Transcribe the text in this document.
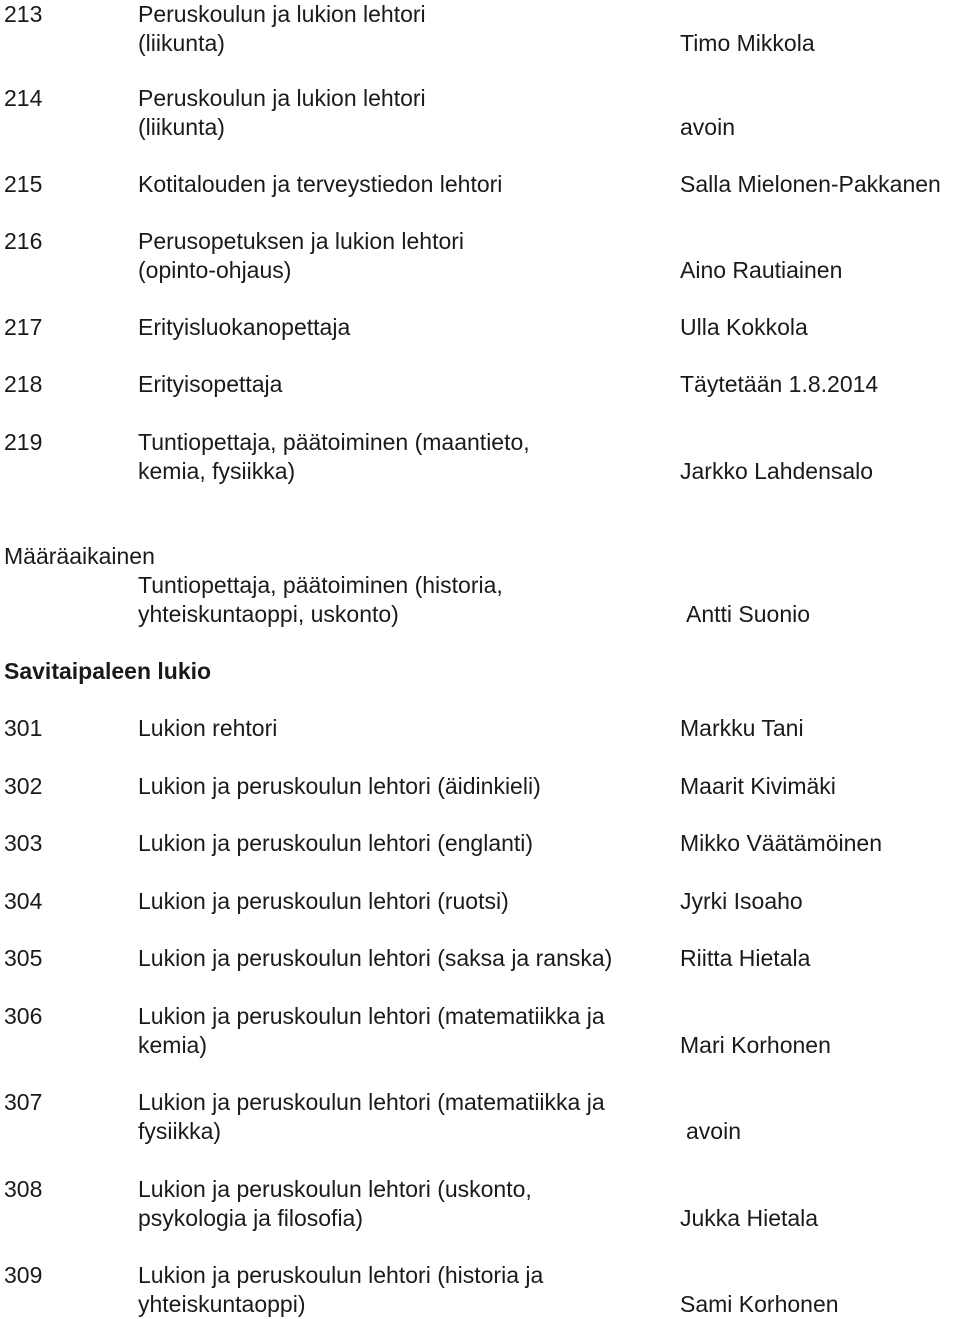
213	Peruskoulun ja lukion lehtori
(liikunta)	Timo Mikkola
214	Peruskoulun ja lukion lehtori
(liikunta)	avoin
215	Kotitalouden ja terveystiedon lehtori	Salla Mielonen-Pakkanen
216	Perusopetuksen ja lukion lehtori
(opinto-ohjaus)	Aino Rautiainen
217	Erityisluokanopettaja	Ulla Kokkola
218	Erityisopettaja	Täytetään 1.8.2014
219	Tuntiopettaja, päätoiminen (maantieto,
kemia, fysiikka)	Jarkko Lahdensalo
Määräaikainen
Tuntiopettaja, päätoiminen (historia,
yhteiskuntaoppi, uskonto)	Antti Suonio
Savitaipaleen lukio
301	Lukion rehtori	Markku Tani
302	Lukion ja peruskoulun lehtori (äidinkieli)	Maarit Kivimäki
303	Lukion ja peruskoulun lehtori (englanti)	Mikko Väätämöinen
304	Lukion ja peruskoulun lehtori (ruotsi)	Jyrki Isoaho
305	Lukion ja peruskoulun lehtori (saksa ja ranska)	Riitta Hietala
306	Lukion ja peruskoulun lehtori (matematiikka ja
kemia)	Mari Korhonen
307	Lukion ja peruskoulun lehtori (matematiikka ja
fysiikka)	avoin
308	Lukion ja peruskoulun lehtori (uskonto,
psykologia ja filosofia)	Jukka Hietala
309	Lukion ja peruskoulun lehtori (historia ja
yhteiskuntaoppi)	Sami Korhonen
